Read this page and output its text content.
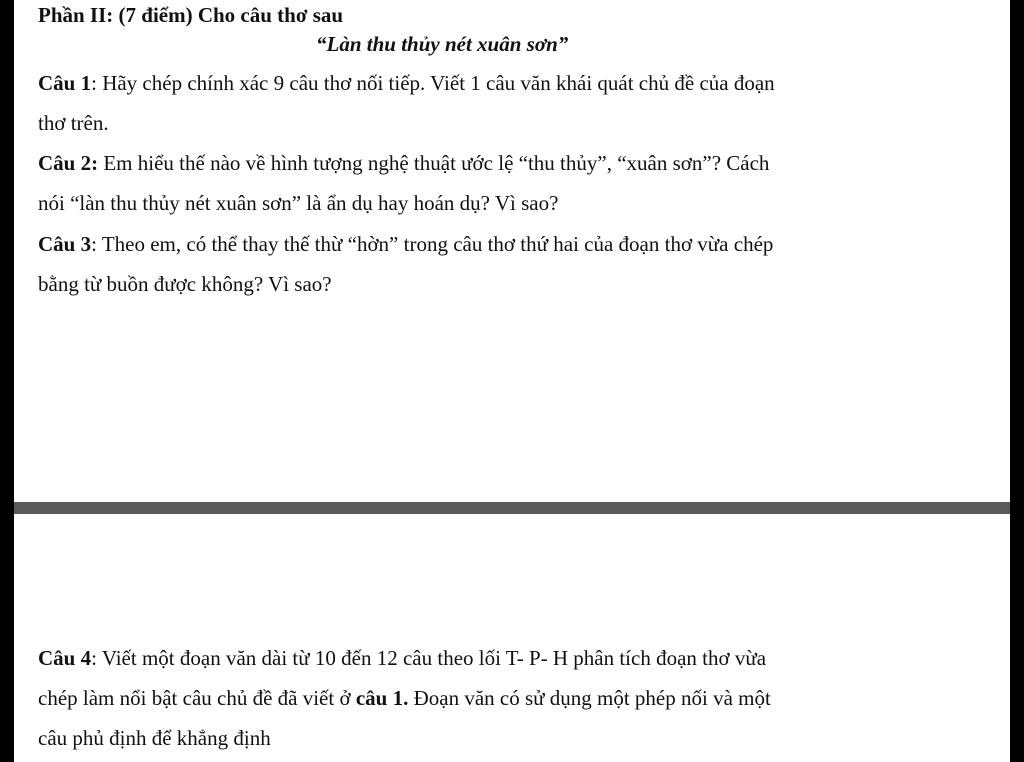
Phần II: (7 điểm) Cho câu thơ sau
“Làn thu thủy nét xuân sơn”
Câu 1: Hãy chép chính xác 9 câu thơ nối tiếp. Viết 1 câu văn khái quát chủ đề của đoạn
thơ trên.
Câu 2: Em hiểu thế nào về hình tượng nghệ thuật ước lệ “thu thủy”, “xuân sơn”? Cách
nói “làn thu thủy nét xuân sơn” là ẩn dụ hay hoán dụ? Vì sao?
Câu 3: Theo em, có thể thay thế thừ “hờn” trong câu thơ thứ hai của đoạn thơ vừa chép
bằng từ buồn được không? Vì sao?
Câu 4: Viết một đoạn văn dài từ 10 đến 12 câu theo lối T- P- H phân tích đoạn thơ vừa
chép làm nổi bật câu chủ đề đã viết ở câu 1. Đoạn văn có sử dụng một phép nối và một
câu phủ định để khẳng định
